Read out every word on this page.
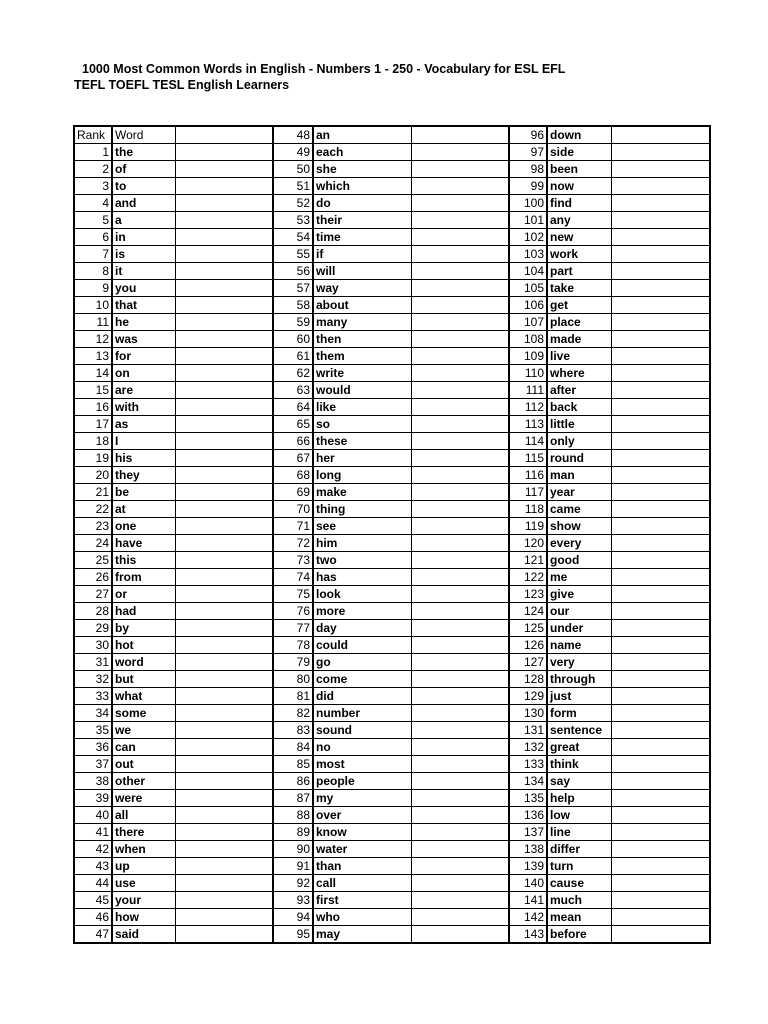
1000 Most Common Words in English - Numbers 1 - 250 - Vocabulary for ESL EFL
TEFL TOEFL TESL English Learners
Rank	Word		48	an		96	down	
1	the		49	each		97	side	
2	of		50	she		98	been	
3	to		51	which		99	now	
4	and		52	do		100	find	
5	a		53	their		101	any	
6	in		54	time		102	new	
7	is		55	if		103	work	
8	it		56	will		104	part	
9	you		57	way		105	take	
10	that		58	about		106	get	
11	he		59	many		107	place	
12	was		60	then		108	made	
13	for		61	them		109	live	
14	on		62	write		110	where	
15	are		63	would		111	after	
16	with		64	like		112	back	
17	as		65	so		113	little	
18	I		66	these		114	only	
19	his		67	her		115	round	
20	they		68	long		116	man	
21	be		69	make		117	year	
22	at		70	thing		118	came	
23	one		71	see		119	show	
24	have		72	him		120	every	
25	this		73	two		121	good	
26	from		74	has		122	me	
27	or		75	look		123	give	
28	had		76	more		124	our	
29	by		77	day		125	under	
30	hot		78	could		126	name	
31	word		79	go		127	very	
32	but		80	come		128	through	
33	what		81	did		129	just	
34	some		82	number		130	form	
35	we		83	sound		131	sentence	
36	can		84	no		132	great	
37	out		85	most		133	think	
38	other		86	people		134	say	
39	were		87	my		135	help	
40	all		88	over		136	low	
41	there		89	know		137	line	
42	when		90	water		138	differ	
43	up		91	than		139	turn	
44	use		92	call		140	cause	
45	your		93	first		141	much	
46	how		94	who		142	mean	
47	said		95	may		143	before	
